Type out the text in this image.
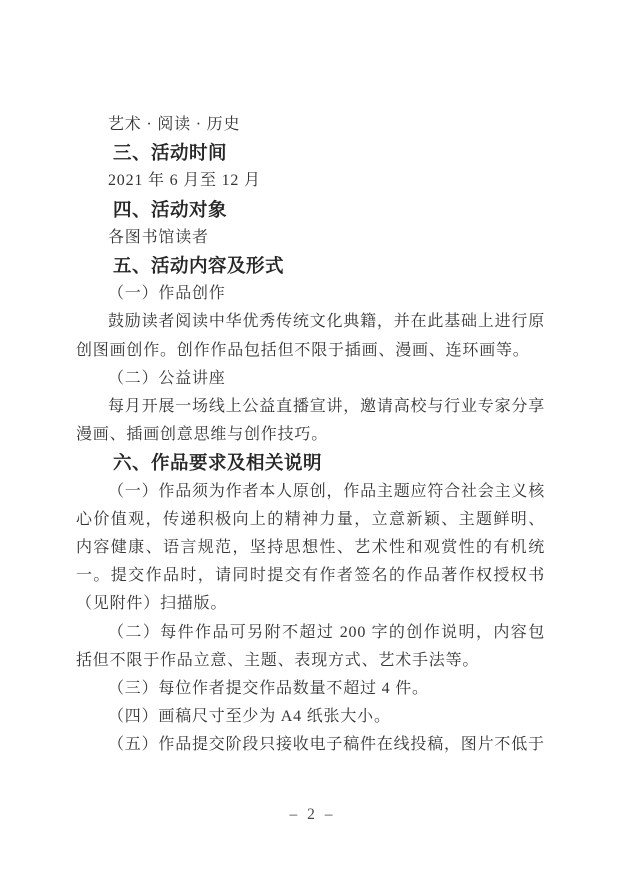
艺术 · 阅读 · 历史
三、活动时间
2021 年 6 月至 12 月
四、活动对象
各图书馆读者
五、活动内容及形式
（一）作品创作
鼓励读者阅读中华优秀传统文化典籍，并在此基础上进行原创图画创作。创作作品包括但不限于插画、漫画、连环画等。
（二）公益讲座
每月开展一场线上公益直播宣讲，邀请高校与行业专家分享漫画、插画创意思维与创作技巧。
六、作品要求及相关说明
（一）作品须为作者本人原创，作品主题应符合社会主义核心价值观，传递积极向上的精神力量，立意新颖、主题鲜明、内容健康、语言规范，坚持思想性、艺术性和观赏性的有机统一。提交作品时，请同时提交有作者签名的作品著作权授权书（见附件）扫描版。
（二）每件作品可另附不超过 200 字的创作说明，内容包括但不限于作品立意、主题、表现方式、艺术手法等。
（三）每位作者提交作品数量不超过 4 件。
（四）画稿尺寸至少为 A4 纸张大小。
（五）作品提交阶段只接收电子稿件在线投稿，图片不低于
– 2 –
